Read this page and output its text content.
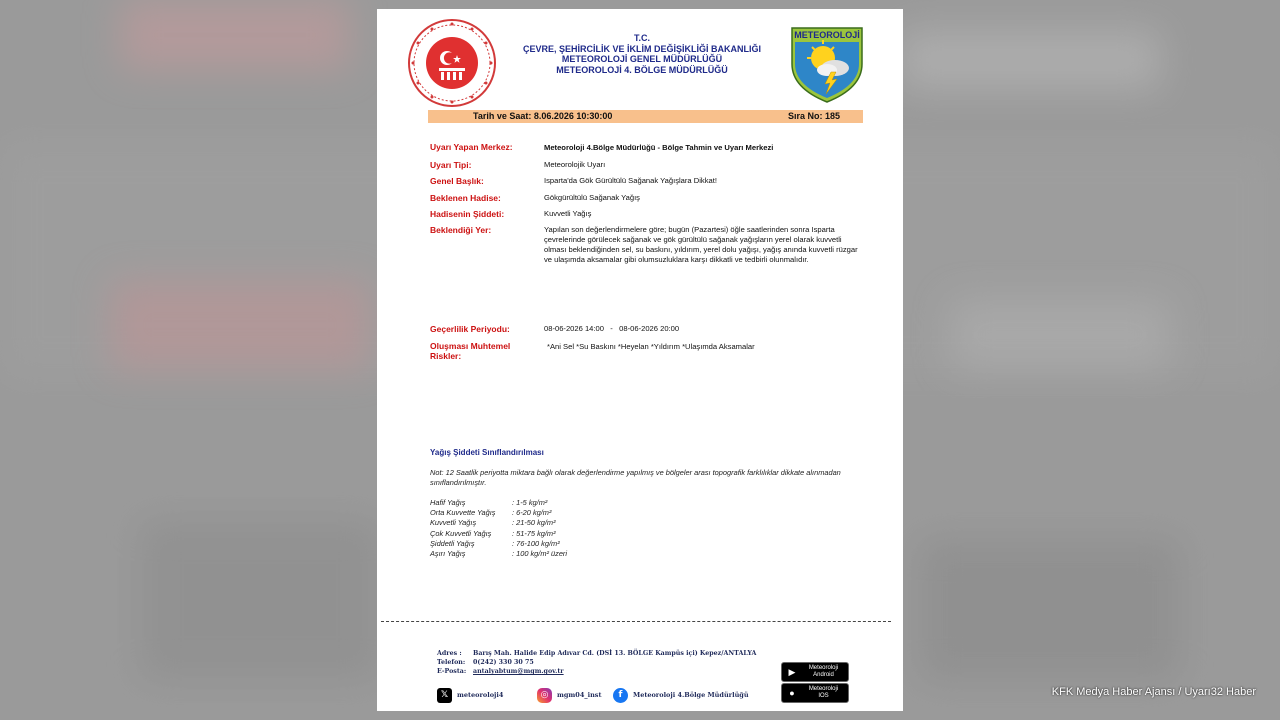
T.C.
ÇEVRE, ŞEHİRCİLİK VE İKLİM DEĞİŞİKLİĞİ BAKANLIĞI
METEOROLOJİ GENEL MÜDÜRLÜĞÜ
METEOROLOJİ 4. BÖLGE MÜDÜRLÜĞÜ
METEOROLOJİ
Tarih ve Saat: 8.06.2026 10:30:00	Sıra No: 185
Uyarı Yapan Merkez:	Meteoroloji 4.Bölge Müdürlüğü - Bölge Tahmin ve Uyarı Merkezi
Uyarı Tipi:	Meteorolojik Uyarı
Genel Başlık:	Isparta'da Gök Gürültülü Sağanak Yağışlara Dikkat!
Beklenen Hadise:	Gökgürültülü Sağanak Yağış
Hadisenin Şiddeti:	Kuvvetli Yağış
Beklendiği Yer:	Yapılan son değerlendirmelere göre; bugün (Pazartesi) öğle saatlerinden sonra Isparta çevrelerinde görülecek sağanak ve gök gürültülü sağanak yağışların yerel olarak kuvvetli olması beklendiğinden sel, su baskını, yıldırım, yerel dolu yağışı, yağış anında kuvvetli rüzgar ve ulaşımda aksamalar gibi olumsuzluklara karşı dikkatli ve tedbirli olunmalıdır.
Geçerlilik Periyodu:	08-06-2026 14:00   -   08-06-2026 20:00
Oluşması Muhtemel Riskler:
*Ani Sel *Su Baskını *Heyelan *Yıldırım *Ulaşımda Aksamalar
Yağış Şiddeti Sınıflandırılması
Not: 12 Saatlik periyotta miktara bağlı olarak değerlendirme yapılmış ve bölgeler arası topografik farklılıklar dikkate alınmadan sınıflandırılmıştır.
Hafif Yağış	: 1-5 kg/m²
Orta Kuvvette Yağış : 6-20 kg/m²
Kuvvetli Yağış	: 21-50 kg/m²
Çok Kuvvetli Yağış	: 51-75 kg/m²
Şiddetli Yağış	: 76-100 kg/m²
Aşırı Yağış	: 100 kg/m² üzeri
Adres : Barış Mah. Halide Edip Adıvar Cd. (DSİ 13. BÖLGE Kampüs içi) Kepez/ANTALYA
Telefon: 0(242) 330 30 75
E-Posta: antalyabtum@mgm.gov.tr
𝕏	meteoroloji4	◎	mgm04_inst	f	Meteoroloji 4.Bölge Müdürlüğü
▶	Meteoroloji
Android
●	Meteoroloji
IOS	KFK Medya Haber Ajansı / Uyarı32 Haber
